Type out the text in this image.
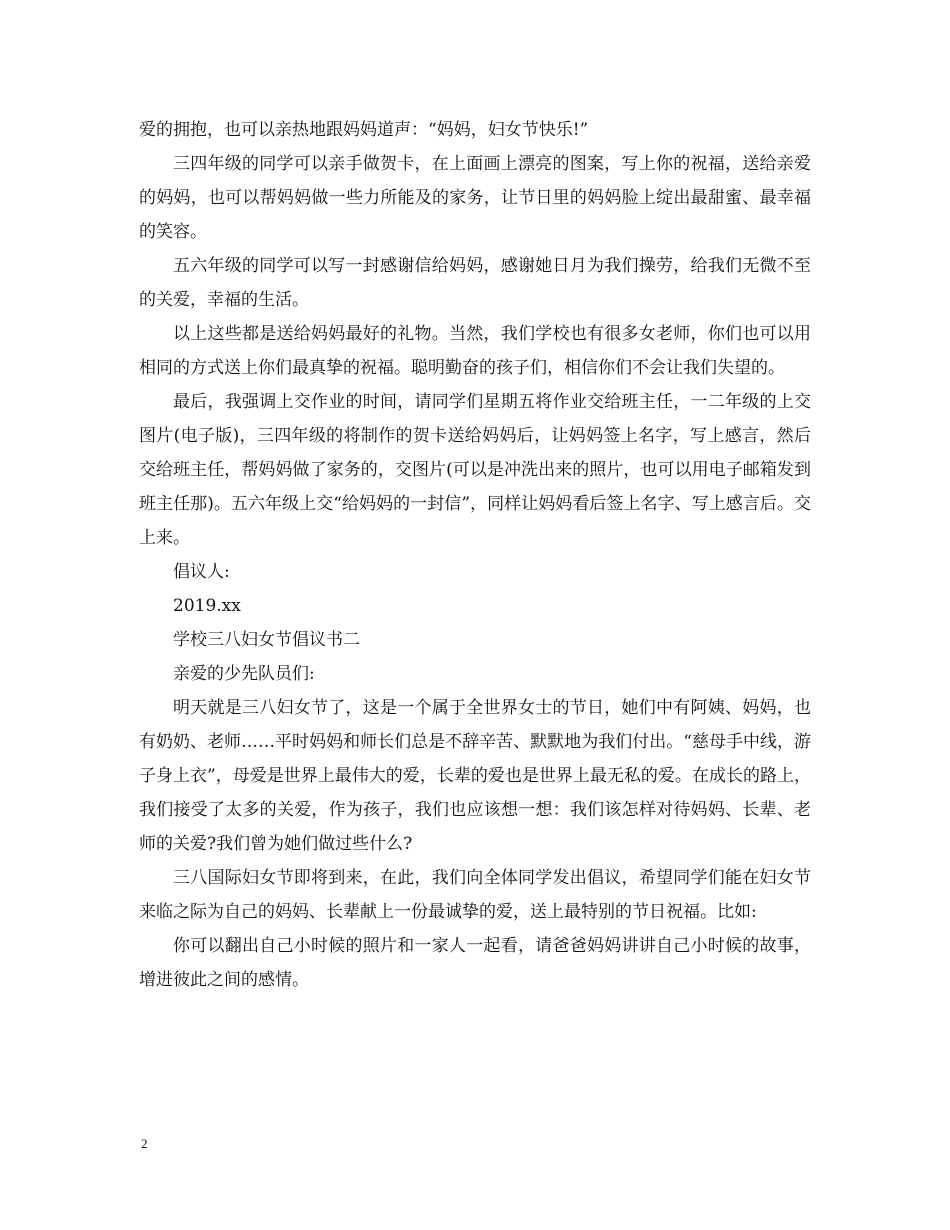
爱的拥抱，也可以亲热地跟妈妈道声：“妈妈，妇女节快乐!”

三四年级的同学可以亲手做贺卡，在上面画上漂亮的图案，写上你的祝福，送给亲爱的妈妈，也可以帮妈妈做一些力所能及的家务，让节日里的妈妈脸上绽出最甜蜜、最幸福的笑容。

五六年级的同学可以写一封感谢信给妈妈，感谢她日月为我们操劳，给我们无微不至的关爱，幸福的生活。

以上这些都是送给妈妈最好的礼物。当然，我们学校也有很多女老师，你们也可以用相同的方式送上你们最真挚的祝福。聪明勤奋的孩子们，相信你们不会让我们失望的。

最后，我强调上交作业的时间，请同学们星期五将作业交给班主任，一二年级的上交图片(电子版)，三四年级的将制作的贺卡送给妈妈后，让妈妈签上名字，写上感言，然后交给班主任，帮妈妈做了家务的，交图片(可以是冲洗出来的照片，也可以用电子邮箱发到班主任那)。五六年级上交“给妈妈的一封信”，同样让妈妈看后签上名字、写上感言后。交上来。

倡议人:

2019.xx

学校三八妇女节倡议书二

亲爱的少先队员们:

明天就是三八妇女节了，这是一个属于全世界女士的节日，她们中有阿姨、妈妈，也有奶奶、老师……平时妈妈和师长们总是不辞辛苦、默默地为我们付出。“慈母手中线，游子身上衣”，母爱是世界上最伟大的爱，长辈的爱也是世界上最无私的爱。在成长的路上，我们接受了太多的关爱，作为孩子，我们也应该想一想：我们该怎样对待妈妈、长辈、老师的关爱?我们曾为她们做过些什么?

三八国际妇女节即将到来，在此，我们向全体同学发出倡议，希望同学们能在妇女节来临之际为自己的妈妈、长辈献上一份最诚挚的爱，送上最特别的节日祝福。比如:

你可以翻出自己小时候的照片和一家人一起看，请爸爸妈妈讲讲自己小时候的故事，增进彼此之间的感情。

2
